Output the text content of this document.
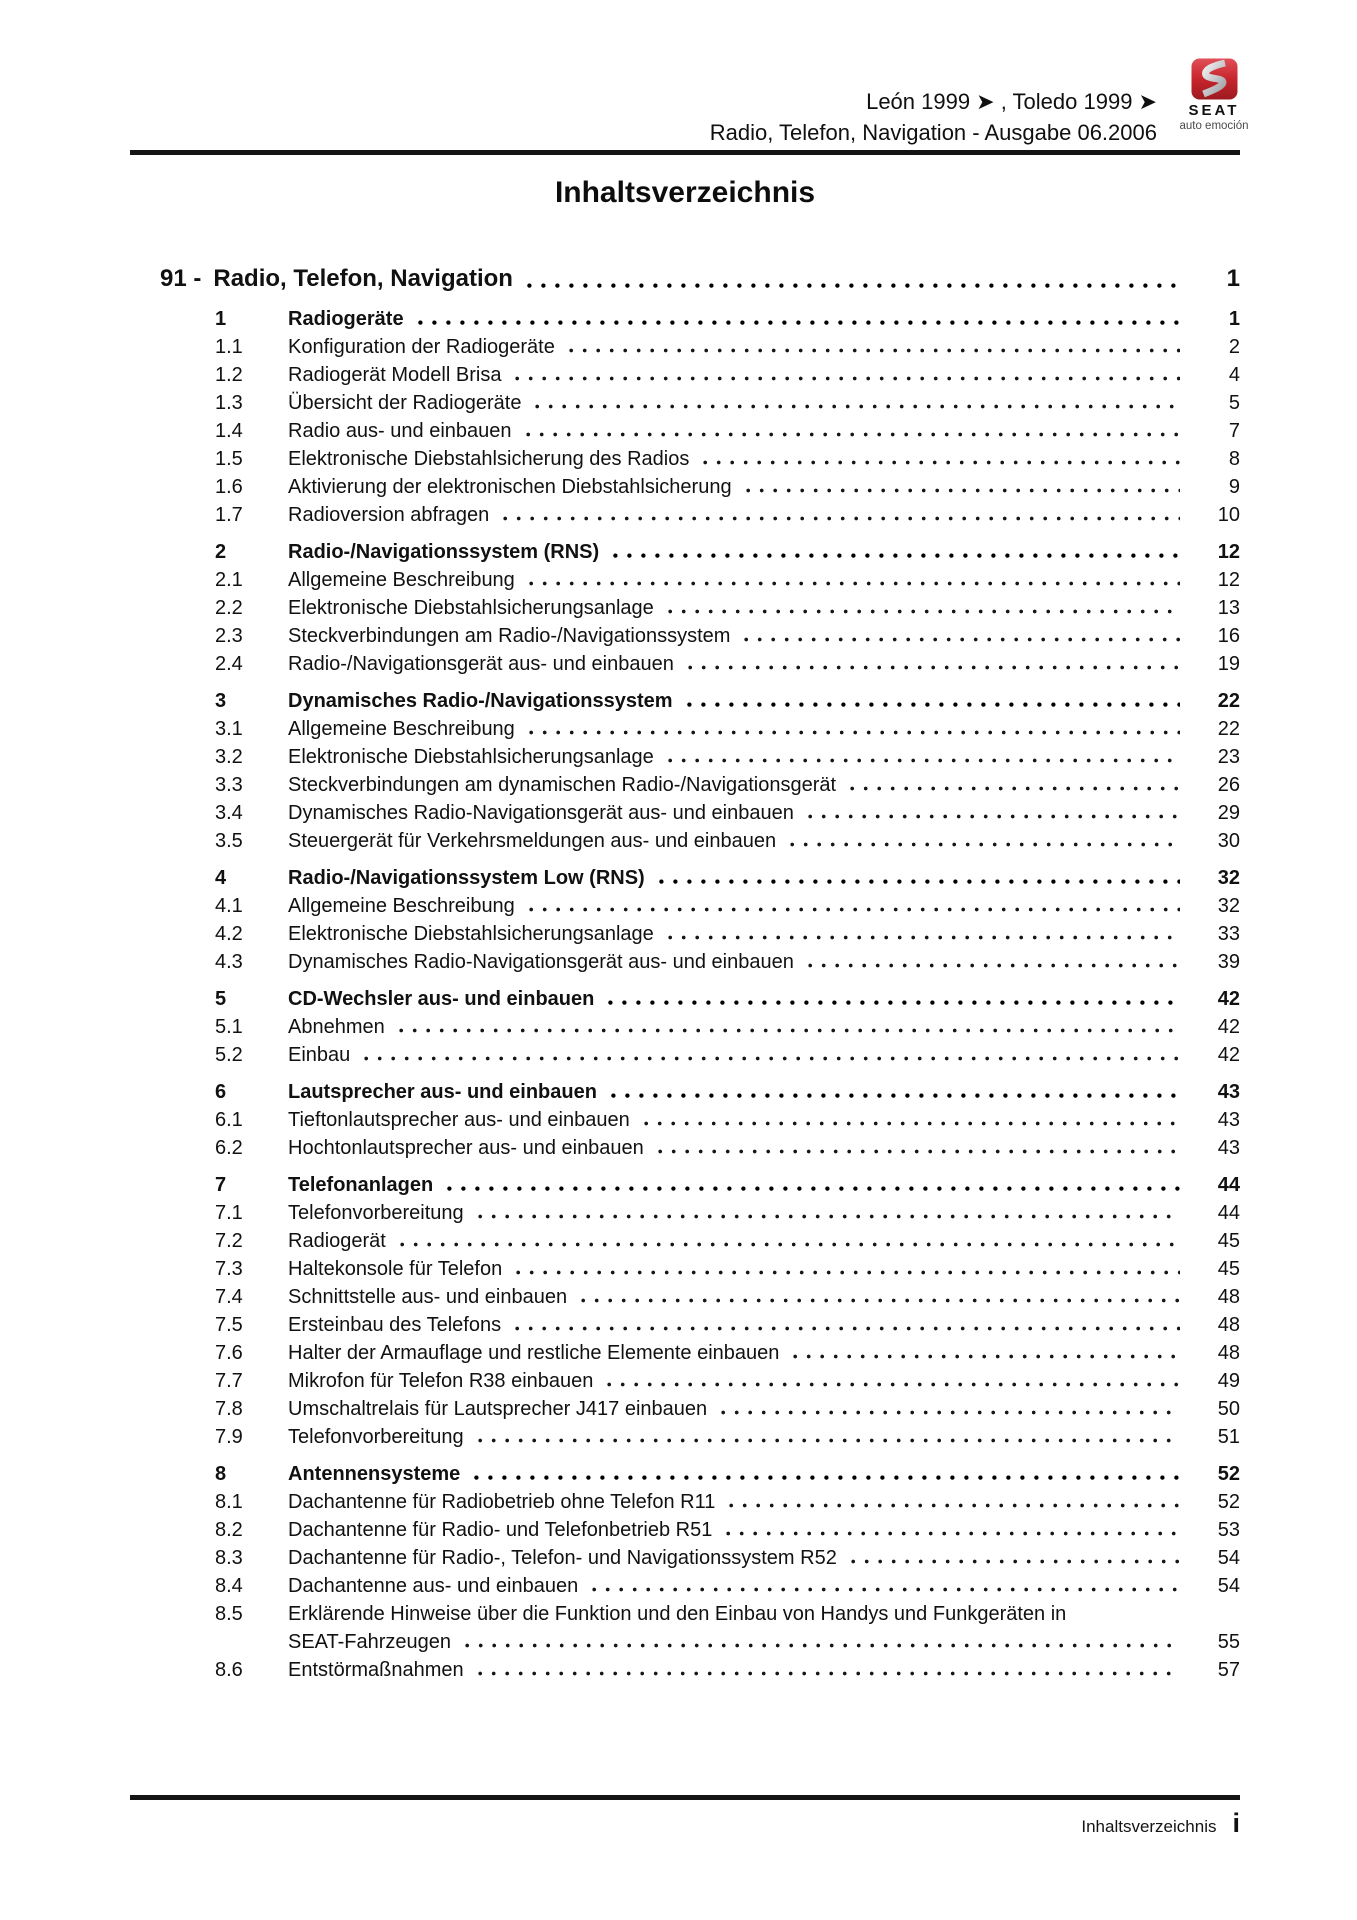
León 1999 ➤ , Toledo 1999 ➤
Radio, Telefon, Navigation - Ausgabe 06.2006
SEAT
auto emoción
Inhaltsverzeichnis
91 - Radio, Telefon, Navigation	1
1	Radiogeräte	1
1.1	Konfiguration der Radiogeräte	2
1.2	Radiogerät Modell Brisa	4
1.3	Übersicht der Radiogeräte	5
1.4	Radio aus- und einbauen	7
1.5	Elektronische Diebstahlsicherung des Radios	8
1.6	Aktivierung der elektronischen Diebstahlsicherung	9
1.7	Radioversion abfragen	10
2	Radio-/Navigationssystem (RNS)	12
2.1	Allgemeine Beschreibung	12
2.2	Elektronische Diebstahlsicherungsanlage	13
2.3	Steckverbindungen am Radio-/Navigationssystem	16
2.4	Radio-/Navigationsgerät aus- und einbauen	19
3	Dynamisches Radio-/Navigationssystem	22
3.1	Allgemeine Beschreibung	22
3.2	Elektronische Diebstahlsicherungsanlage	23
3.3	Steckverbindungen am dynamischen Radio-/Navigationsgerät	26
3.4	Dynamisches Radio-Navigationsgerät aus- und einbauen	29
3.5	Steuergerät für Verkehrsmeldungen aus- und einbauen	30
4	Radio-/Navigationssystem Low (RNS)	32
4.1	Allgemeine Beschreibung	32
4.2	Elektronische Diebstahlsicherungsanlage	33
4.3	Dynamisches Radio-Navigationsgerät aus- und einbauen	39
5	CD-Wechsler aus- und einbauen	42
5.1	Abnehmen	42
5.2	Einbau	42
6	Lautsprecher aus- und einbauen	43
6.1	Tieftonlautsprecher aus- und einbauen	43
6.2	Hochtonlautsprecher aus- und einbauen	43
7	Telefonanlagen	44
7.1	Telefonvorbereitung	44
7.2	Radiogerät	45
7.3	Haltekonsole für Telefon	45
7.4	Schnittstelle aus- und einbauen	48
7.5	Ersteinbau des Telefons	48
7.6	Halter der Armauflage und restliche Elemente einbauen	48
7.7	Mikrofon für Telefon R38 einbauen	49
7.8	Umschaltrelais für Lautsprecher J417 einbauen	50
7.9	Telefonvorbereitung	51
8	Antennensysteme	52
8.1	Dachantenne für Radiobetrieb ohne Telefon R11	52
8.2	Dachantenne für Radio- und Telefonbetrieb R51	53
8.3	Dachantenne für Radio-, Telefon- und Navigationssystem R52	54
8.4	Dachantenne aus- und einbauen	54
8.5	Erklärende Hinweise über die Funktion und den Einbau von Handys und Funkgeräten in
SEAT-Fahrzeugen	55
8.6	Entstörmaßnahmen	57
Inhaltsverzeichnis i
